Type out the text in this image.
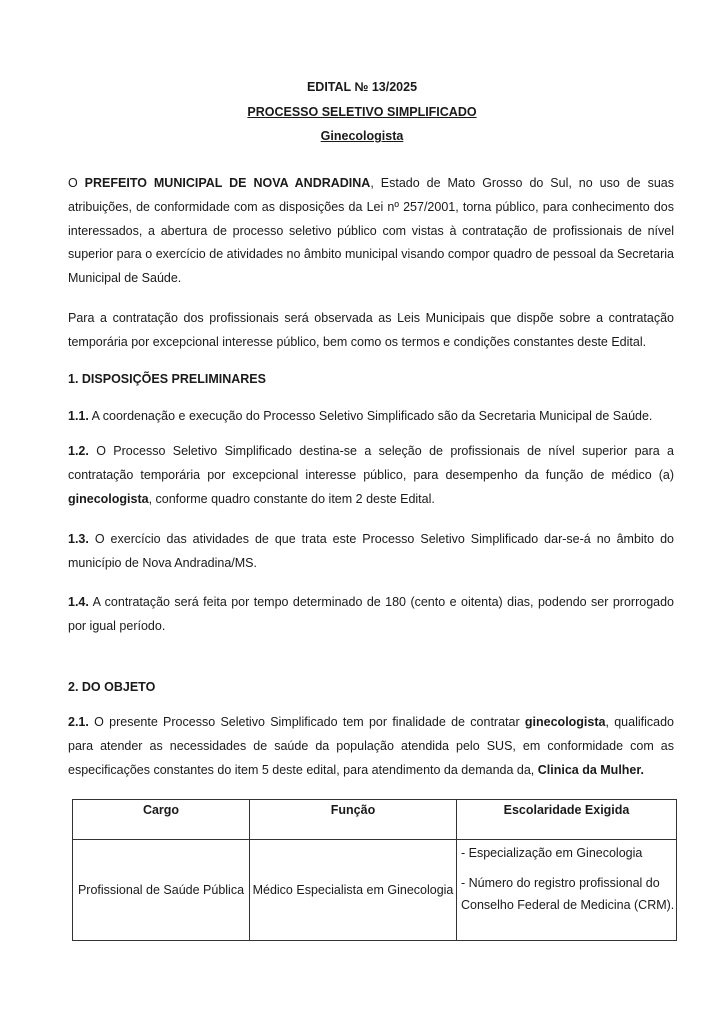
EDITAL № 13/2025
PROCESSO SELETIVO SIMPLIFICADO
Ginecologista

O PREFEITO MUNICIPAL DE NOVA ANDRADINA, Estado de Mato Grosso do Sul, no uso de suas atribuições, de conformidade com as disposições da Lei nº 257/2001, torna público, para conhecimento dos interessados, a abertura de processo seletivo público com vistas à contratação de profissionais de nível superior para o exercício de atividades no âmbito municipal visando compor quadro de pessoal da Secretaria Municipal de Saúde.

Para a contratação dos profissionais será observada as Leis Municipais que dispõe sobre a contratação temporária por excepcional interesse público, bem como os termos e condições constantes deste Edital.

1. DISPOSIÇÕES PRELIMINARES

1.1. A coordenação e execução do Processo Seletivo Simplificado são da Secretaria Municipal de Saúde.

1.2. O Processo Seletivo Simplificado destina-se a seleção de profissionais de nível superior para a contratação temporária por excepcional interesse público, para desempenho da função de médico (a) ginecologista, conforme quadro constante do item 2 deste Edital.

1.3. O exercício das atividades de que trata este Processo Seletivo Simplificado dar-se-á no âmbito do município de Nova Andradina/MS.

1.4. A contratação será feita por tempo determinado de 180 (cento e oitenta) dias, podendo ser prorrogado por igual período.

2. DO OBJETO

2.1. O presente Processo Seletivo Simplificado tem por finalidade de contratar ginecologista, qualificado para atender as necessidades de saúde da população atendida pelo SUS, em conformidade com as especificações constantes do item 5 deste edital, para atendimento da demanda da, Clinica da Mulher.

Cargo	Função	Escolaridade Exigida
Profissional de Saúde Pública	Médico Especialista em Ginecologia	- Especialização em Ginecologia
- Número do registro profissional do Conselho Federal de Medicina (CRM).
